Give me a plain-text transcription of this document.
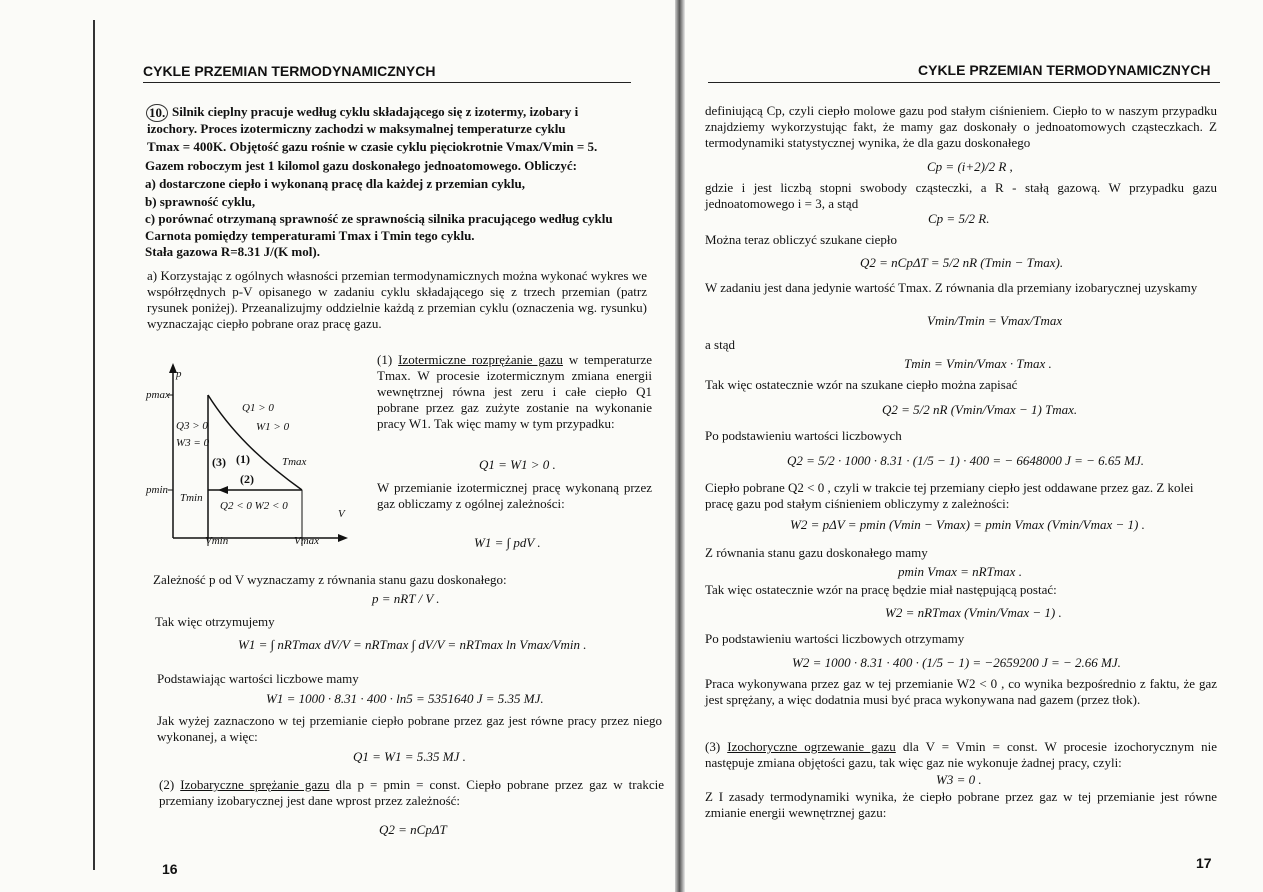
CYKLE PRZEMIAN TERMODYNAMICZNYCH
10. Silnik cieplny pracuje według cyklu składającego się z izotermy, izobary i

izochory. Proces izotermiczny zachodzi w maksymalnej temperaturze cyklu

Tmax = 400K. Objętość gazu rośnie w czasie cyklu pięciokrotnie Vmax/Vmin = 5.

Gazem roboczym jest 1 kilomol gazu doskonałego jednoatomowego. Obliczyć:

a) dostarczone ciepło i wykonaną pracę dla każdej z przemian cyklu,

b) sprawność cyklu,

c) porównać otrzymaną sprawność ze sprawnością silnika pracującego według cyklu

Carnota pomiędzy temperaturami Tmax i Tmin tego cyklu.

Stała gazowa R=8.31 J/(K mol).

a) Korzystając z ogólnych własności przemian termodynamicznych można wykonać wykres we współrzędnych p-V opisanego w zadaniu cyklu składającego się z trzech przemian (patrz rysunek poniżej). Przeanalizujmy oddzielnie każdą z przemian cyklu (oznaczenia wg. rysunku) wyznaczając ciepło pobrane oraz pracę gazu.

p
V
pmax
pmin
Vmin	Vmax
Q1 > 0
W1 > 0
Q3 > 0
W3 = 0
(3) (1)	Tmax
(2)
Tmin
Q2 < 0 W2 < 0

(1) Izotermiczne rozprężanie gazu w temperaturze Tmax. W procesie izotermicznym zmiana energii wewnętrznej równa jest zeru i całe ciepło Q1 pobrane przez gaz zużyte zostanie na wykonanie pracy W1. Tak więc mamy w tym przypadku:

Q1 = W1 > 0 .

W przemianie izotermicznej pracę wykonaną przez gaz obliczamy z ogólnej zależności:

W1 = ∫ pdV .

Zależność p od V wyznaczamy z równania stanu gazu doskonałego:

p = nRT / V .

Tak więc otrzymujemy

W1 = ∫ nRTmax dV/V = nRTmax ∫ dV/V = nRTmax ln Vmax/Vmin .

Podstawiając wartości liczbowe mamy

W1 = 1000 · 8.31 · 400 · ln5 = 5351640 J = 5.35 MJ.

Jak wyżej zaznaczono w tej przemianie ciepło pobrane przez gaz jest równe pracy przez niego wykonanej, a więc:

Q1 = W1 = 5.35 MJ .

(2) Izobaryczne sprężanie gazu dla p = pmin = const. Ciepło pobrane przez gaz w trakcie przemiany izobarycznej jest dane wprost przez zależność:

Q2 = nCpΔT
16
CYKLE PRZEMIAN TERMODYNAMICZNYCH

definiującą Cp, czyli ciepło molowe gazu pod stałym ciśnieniem. Ciepło to w naszym przypadku znajdziemy wykorzystując fakt, że mamy gaz doskonały o jednoatomowych cząsteczkach. Z termodynamiki statystycznej wynika, że dla gazu doskonałego

Cp = (i+2)/2 R ,

gdzie i jest liczbą stopni swobody cząsteczki, a R - stałą gazową. W przypadku gazu jednoatomowego i = 3, a stąd

Cp = 5/2 R.

Można teraz obliczyć szukane ciepło

Q2 = nCpΔT = 5/2 nR (Tmin − Tmax).

W zadaniu jest dana jedynie wartość Tmax. Z równania dla przemiany izobarycznej uzyskamy

Vmin/Tmin = Vmax/Tmax

a stąd

Tmin = Vmin/Vmax · Tmax .

Tak więc ostatecznie wzór na szukane ciepło można zapisać

Q2 = 5/2 nR (Vmin/Vmax − 1) Tmax.

Po podstawieniu wartości liczbowych

Q2 = 5/2 · 1000 · 8.31 · (1/5 − 1) · 400 = − 6648000 J = − 6.65 MJ.

Ciepło pobrane Q2 < 0 , czyli w trakcie tej przemiany ciepło jest oddawane przez gaz. Z kolei pracę gazu pod stałym ciśnieniem obliczymy z zależności:

W2 = pΔV = pmin (Vmin − Vmax) = pmin Vmax (Vmin/Vmax − 1) .

Z równania stanu gazu doskonałego mamy

pmin Vmax = nRTmax .

Tak więc ostatecznie wzór na pracę będzie miał następującą postać:

W2 = nRTmax (Vmin/Vmax − 1) .

Po podstawieniu wartości liczbowych otrzymamy

W2 = 1000 · 8.31 · 400 · (1/5 − 1) = −2659200 J = − 2.66 MJ.

Praca wykonywana przez gaz w tej przemianie W2 < 0 , co wynika bezpośrednio z faktu, że gaz jest sprężany, a więc dodatnia musi być praca wykonywana nad gazem (przez tłok).

(3) Izochoryczne ogrzewanie gazu dla V = Vmin = const. W procesie izochorycznym nie następuje zmiana objętości gazu, tak więc gaz nie wykonuje żadnej pracy, czyli:

W3 = 0 .

Z I zasady termodynamiki wynika, że ciepło pobrane przez gaz w tej przemianie jest równe zmianie energii wewnętrznej gazu:

17
